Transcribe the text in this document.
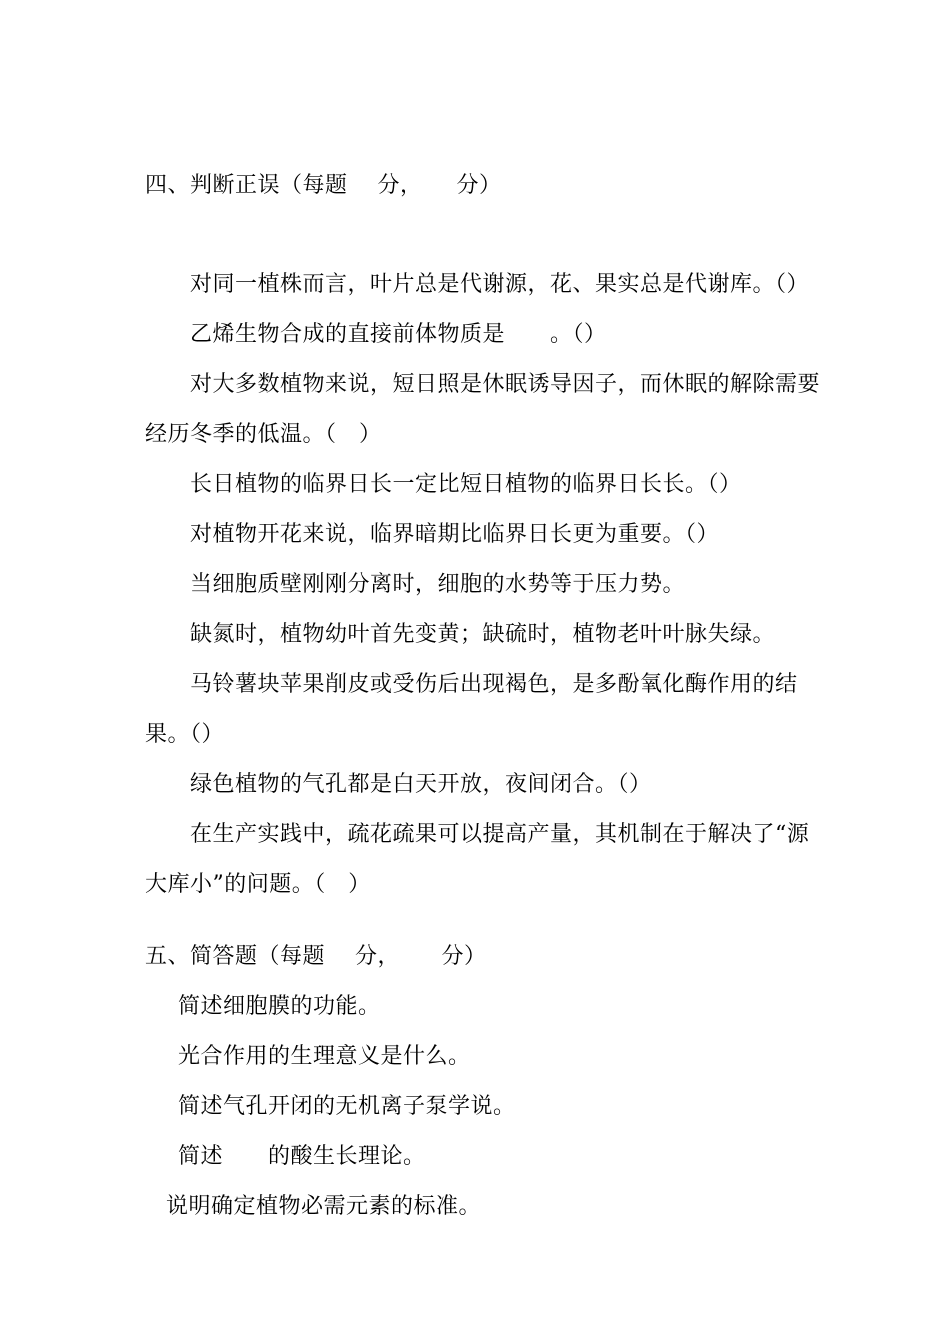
四、判断正误（每题　 分，　　分）
对同一植株而言，叶片总是代谢源，花、果实总是代谢库。（）
乙烯生物合成的直接前体物质是　　。（）
对大多数植物来说，短日照是休眠诱导因子，而休眠的解除需要
经历冬季的低温。（　）
长日植物的临界日长一定比短日植物的临界日长长。（）
对植物开花来说，临界暗期比临界日长更为重要。（）
当细胞质壁刚刚分离时，细胞的水势等于压力势。
缺氮时，植物幼叶首先变黄；缺硫时，植物老叶叶脉失绿。
马铃薯块苹果削皮或受伤后出现褐色，是多酚氧化酶作用的结
果。（）
绿色植物的气孔都是白天开放，夜间闭合。（）
在生产实践中，疏花疏果可以提高产量，其机制在于解决了“源
大库小”的问题。（　）
五、简答题（每题　 分，　　 分）
简述细胞膜的功能。
光合作用的生理意义是什么。
简述气孔开闭的无机离子泵学说。
简述　　的酸生长理论。
说明确定植物必需元素的标准。
